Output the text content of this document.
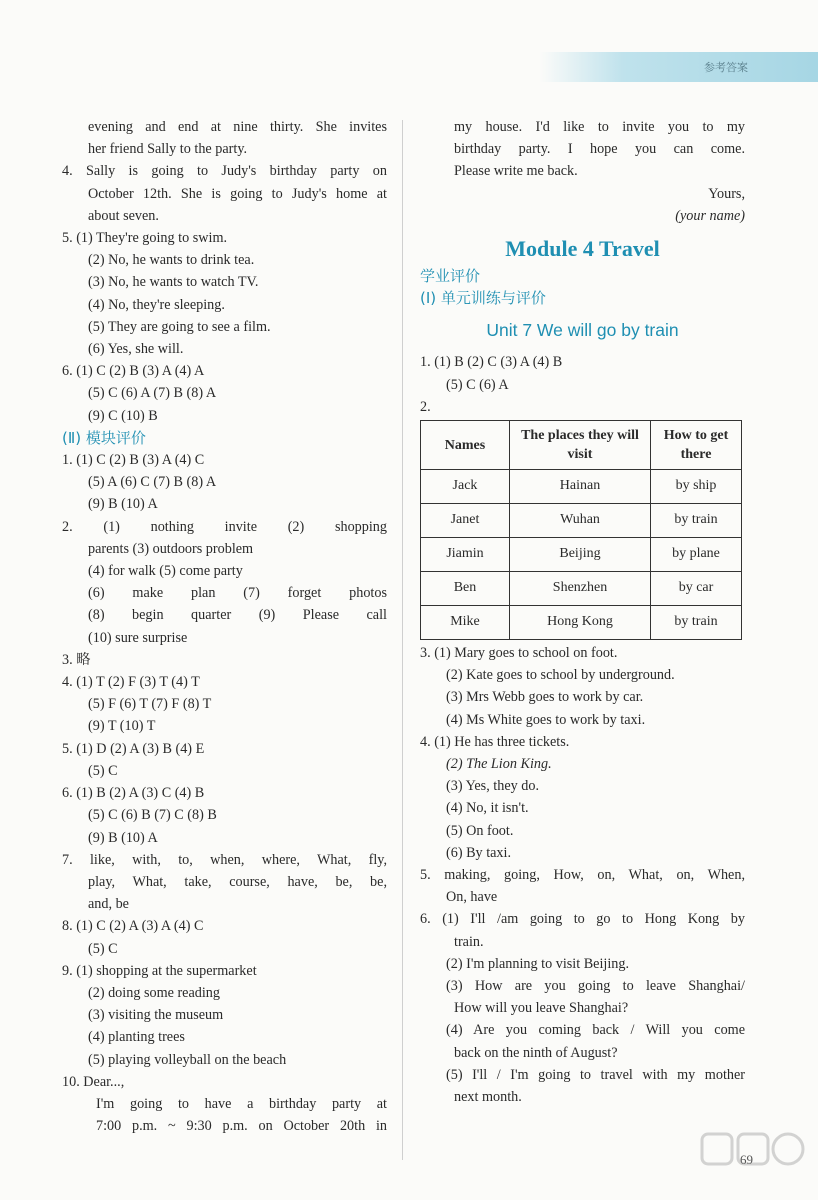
参考答案
evening and end at nine thirty. She invites
her friend Sally to the party.
4. Sally is going to Judy's birthday party on
October 12th. She is going to Judy's home at
about seven.
5. (1) They're going to swim.
(2) No, he wants to drink tea.
(3) No, he wants to watch TV.
(4) No, they're sleeping.
(5) They are going to see a film.
(6) Yes, she will.
6. (1) C (2) B (3) A (4) A
(5) C (6) A (7) B (8) A
(9) C (10) B
(Ⅱ) 模块评价
1. (1) C (2) B (3) A (4) C
(5) A (6) C (7) B (8) A
(9) B (10) A
2. (1) nothing invite (2) shopping
parents (3) outdoors problem
(4) for walk (5) come party
(6) make plan (7) forget photos
(8) begin quarter (9) Please call
(10) sure surprise
3. 略
4. (1) T (2) F (3) T (4) T
(5) F (6) T (7) F (8) T
(9) T (10) T
5. (1) D (2) A (3) B (4) E
(5) C
6. (1) B (2) A (3) C (4) B
(5) C (6) B (7) C (8) B
(9) B (10) A
7. like, with, to, when, where, What, fly,
play, What, take, course, have, be, be,
and, be
8. (1) C (2) A (3) A (4) C
(5) C
9. (1) shopping at the supermarket
(2) doing some reading
(3) visiting the museum
(4) planting trees
(5) playing volleyball on the beach
10. Dear...,
I'm going to have a birthday party at
7:00 p.m. ~ 9:30 p.m. on October 20th in
my house. I'd like to invite you to my
birthday party. I hope you can come.
Please write me back.
Yours,
(your name)
Module 4 Travel
学业评价
(Ⅰ) 单元训练与评价
Unit 7 We will go by train
1. (1) B (2) C (3) A (4) B
(5) C (6) A
2.
Names	The places they will visit	How to get there
Jack	Hainan	by ship
Janet	Wuhan	by train
Jiamin	Beijing	by plane
Ben	Shenzhen	by car
Mike	Hong Kong	by train
3. (1) Mary goes to school on foot.
(2) Kate goes to school by underground.
(3) Mrs Webb goes to work by car.
(4) Ms White goes to work by taxi.
4. (1) He has three tickets.
(2) The Lion King.
(3) Yes, they do.
(4) No, it isn't.
(5) On foot.
(6) By taxi.
5. making, going, How, on, What, on, When,
On, have
6. (1) I'll /am going to go to Hong Kong by
train.
(2) I'm planning to visit Beijing.
(3) How are you going to leave Shanghai/
How will you leave Shanghai?
(4) Are you coming back / Will you come
back on the ninth of August?
(5) I'll / I'm going to travel with my mother
next month.
69
